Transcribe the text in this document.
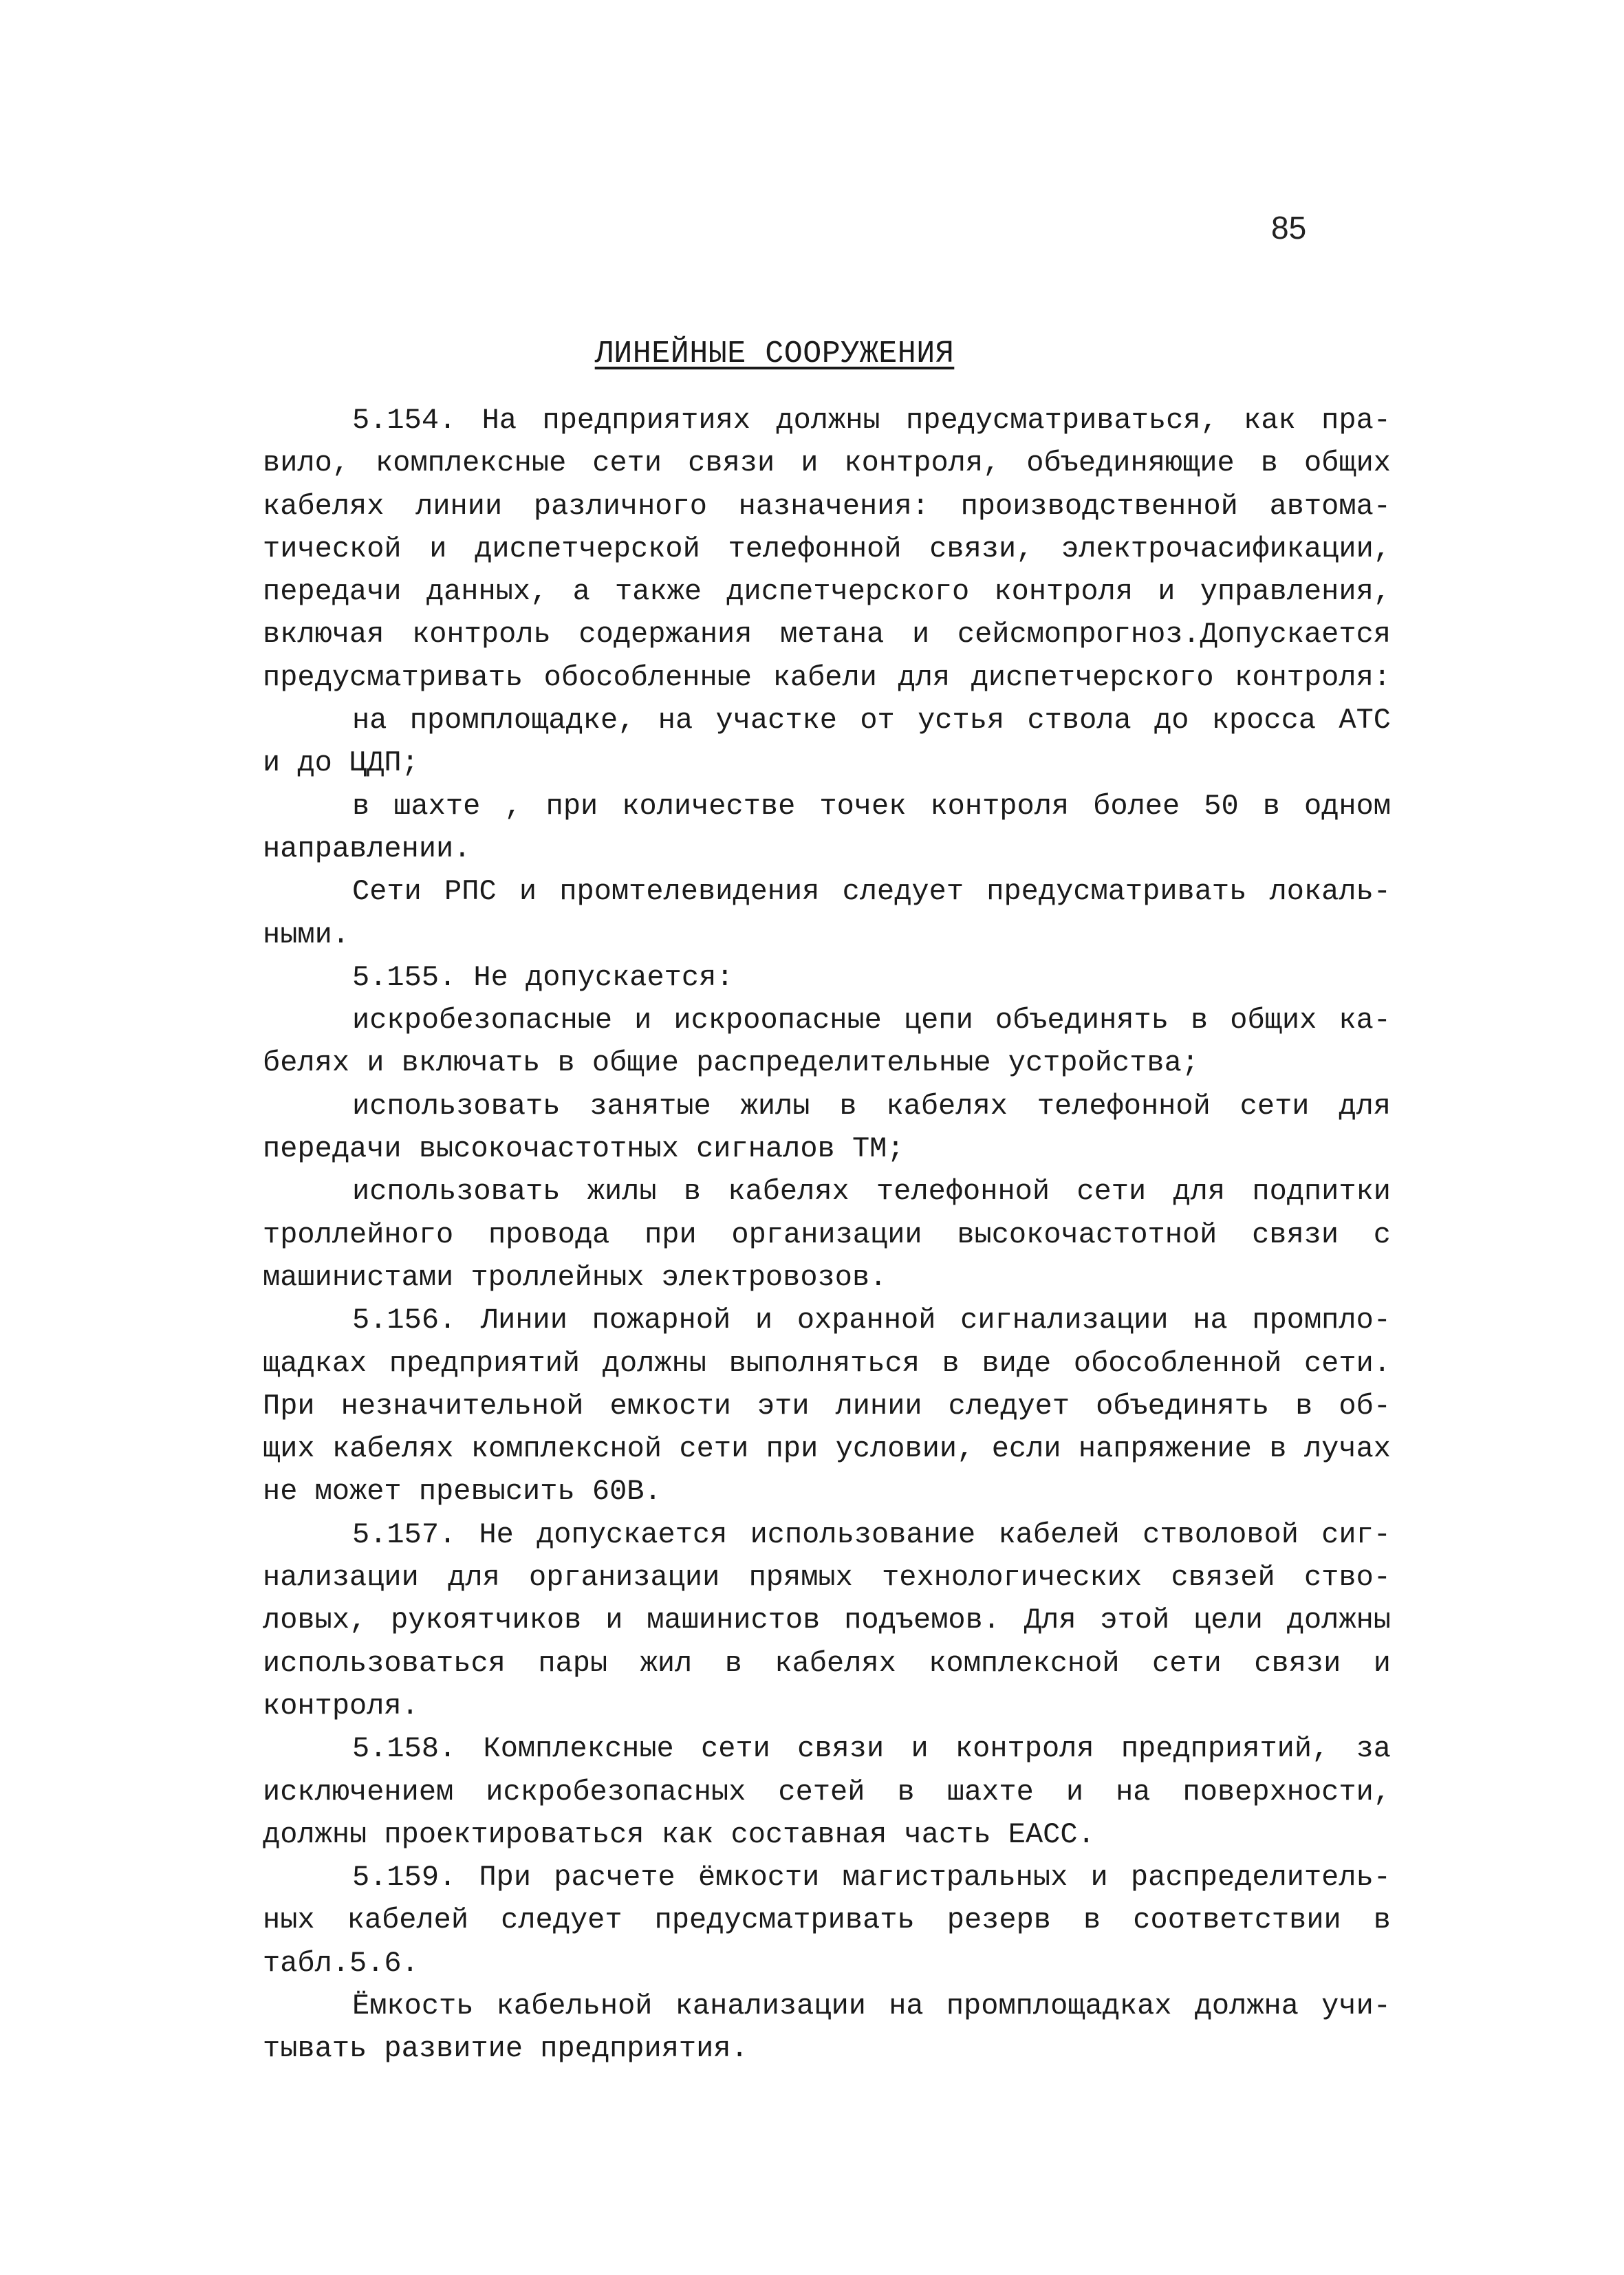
85
ЛИНЕЙНЫЕ СООРУЖЕНИЯ
5.154. На предприятиях должны предусматриваться, как пра-
вило, комплексные сети связи и контроля, объединяющие в общих
кабелях линии различного назначения: производственной автома-
тической и диспетчерской телефонной связи, электрочасификации,
передачи данных, а также диспетчерского контроля и управления,
включая контроль содержания метана и сейсмопрогноз.Допускается
предусматривать обособленные кабели для диспетчерского контроля:
на промплощадке, на участке от устья ствола до кросса АТС
и до ЦДП;
в шахте , при количестве точек контроля более 50 в одном
направлении.
Сети РПС и промтелевидения следует предусматривать локаль-
ными.
5.155. Не допускается:
искробезопасные и искроопасные цепи объединять в общих ка-
белях и включать в общие распределительные устройства;
использовать занятые жилы в кабелях телефонной сети для
передачи высокочастотных сигналов ТМ;
использовать жилы в кабелях телефонной сети для подпитки
троллейного провода при организации высокочастотной связи с
машинистами троллейных электровозов.
5.156. Линии пожарной и охранной сигнализации на промпло-
щадках предприятий должны выполняться в виде обособленной сети.
При незначительной емкости эти линии следует объединять в об-
щих кабелях комплексной сети при условии, если напряжение в лучах
не может превысить 60В.
5.157. Не допускается использование кабелей стволовой сиг-
нализации для организации прямых технологических связей ство-
ловых, рукоятчиков и машинистов подъемов. Для этой цели должны
использоваться пары жил в кабелях комплексной сети связи и
контроля.
5.158. Комплексные сети связи и контроля предприятий, за
исключением искробезопасных сетей в шахте и на поверхности,
должны проектироваться как составная часть ЕАСС.
5.159. При расчете ёмкости магистральных и распределитель-
ных кабелей следует предусматривать резерв в соответствии в
табл.5.6.
Ёмкость кабельной канализации на промплощадках должна учи-
тывать развитие предприятия.
